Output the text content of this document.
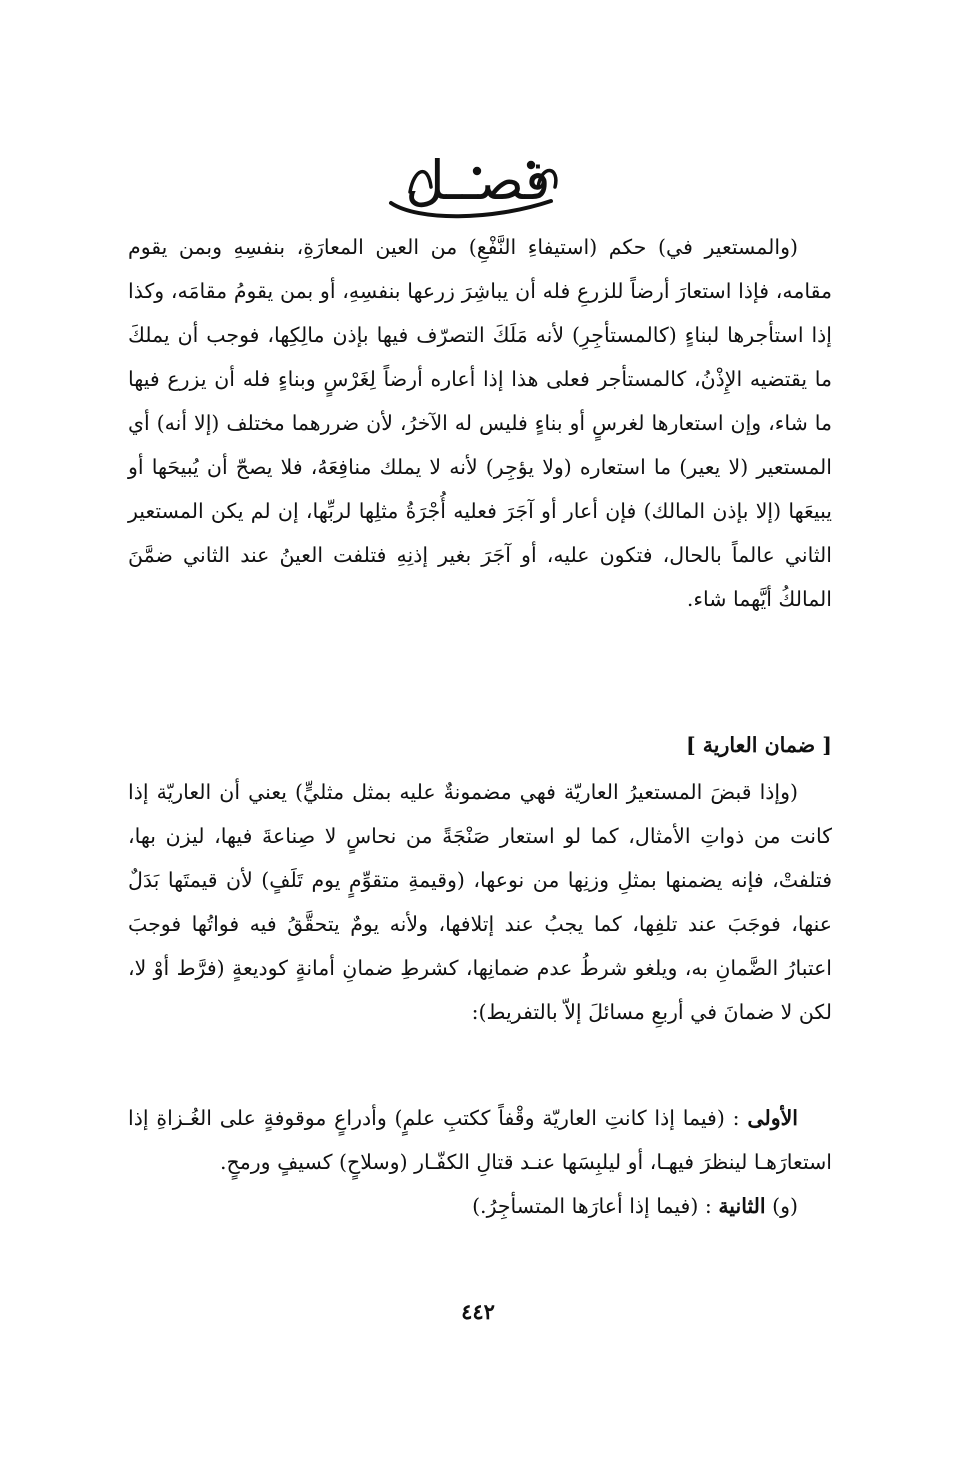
فصــل

(والمستعير في) حكم (استيفاءِ النَّفْعِ) من العين المعارَةِ، بنفسِهِ وبمن يقوم مقامه، فإذا استعارَ أرضاً للزرعِ فله أن يباشِرَ زرعها بنفسِهِ، أو بمن يقومُ مقامَه، وكذا إذا استأجرها لبناءٍ (كالمستأجِرِ) لأنه مَلَكَ التصرّف فيها بإذن مالِكِها، فوجب أن يملكَ ما يقتضيه الإِذْنُ، كالمستأجر فعلى هذا إذا أعاره أرضاً لِغَرْسٍ وبناءٍ فله أن يزرع فيها ما شاء، وإن استعارها لغرسٍ أو بناءٍ فليس له الآخرُ، لأن ضررهما مختلف (إلا أنه) أي المستعير (لا يعير) ما استعاره (ولا يؤجِر) لأنه لا يملك منافِعَهُ، فلا يصحّ أن يُبيحَها أو يبيعَها (إلا بإذن المالك) فإن أعار أو آجَرَ فعليه أُجْرَةُ مثلِها لربِّها، إن لم يكن المستعير الثاني عالماً بالحال، فتكون عليه، أو آجَرَ بغير إذنِهِ فتلفت العينُ عند الثاني ضمَّنَ المالكُ أيَّهما شاء.

[ ضمان العارية ]

(وإذا قبضَ المستعيرُ العاريّة فهي مضمونةٌ عليه بمثل مثليٍّ) يعني أن العاريّة إذا كانت من ذواتِ الأمثال، كما لو استعار صَنْجَةً من نحاسٍ لا صِناعةَ فيها، ليزن بها، فتلفتْ، فإنه يضمنها بمثلِ وزنِها من نوعها، (وقيمةِ متقوِّمٍ يوم تَلَفٍ) لأن قيمتَها بَدَلٌ عنها، فوجَبَ عند تلفِها، كما يجبُ عند إتلافها، ولأنه يومٌ يتحقَّقُ فيه فواتُها فوجبَ اعتبارُ الضَّمانِ به، ويلغو شرطُ عدم ضمانِها، كشرطِ ضمانِ أمانةٍ كوديعةٍ (فرَّط أوْ لا، لكن لا ضمانَ في أربعِ مسائلَ إلاّ بالتفريط):

الأولى : (فيما إذا كانتِ العاريّة وقْفاً ككتبِ علمٍ) وأدراعٍ موقوفةٍ على الغُـزاةِ إذا استعارَهـا لينظرَ فيهـا، أو ليلبِسَها عنـد قتالِ الكفّـار (وسلاحٍ) كسيفٍ ورمحٍ.

(و) الثانية : (فيما إذا أعارَها المتسأجِرُ.)

٤٤٢
